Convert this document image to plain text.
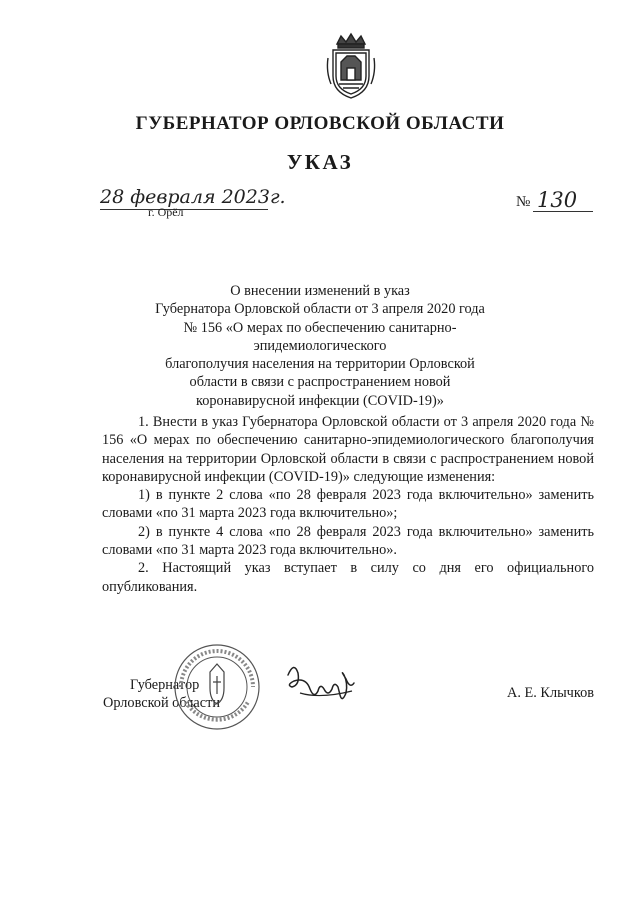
ГУБЕРНАТОР ОРЛОВСКОЙ ОБЛАСТИ
УКАЗ
28 февраля 2023г.
г. Орёл
№ 130
О внесении изменений в указ
Губернатора Орловской области от 3 апреля 2020 года
№ 156 «О мерах по обеспечению санитарно-эпидемиологического
благополучия населения на территории Орловской
области в связи с распространением новой
коронавирусной инфекции (COVID-19)»

1. Внести в указ Губернатора Орловской области от 3 апреля 2020 года № 156 «О мерах по обеспечению санитарно-эпидемиологического благополучия населения на территории Орловской области в связи с распространением новой коронавирусной инфекции (COVID-19)» следующие изменения:

1) в пункте 2 слова «по 28 февраля 2023 года включительно» заменить словами «по 31 марта 2023 года включительно»;

2) в пункте 4 слова «по 28 февраля 2023 года включительно» заменить словами «по 31 марта 2023 года включительно».

2. Настоящий указ вступает в силу со дня его официального опубликования.

Губернатор
Орловской области
А. Е. Клычков
